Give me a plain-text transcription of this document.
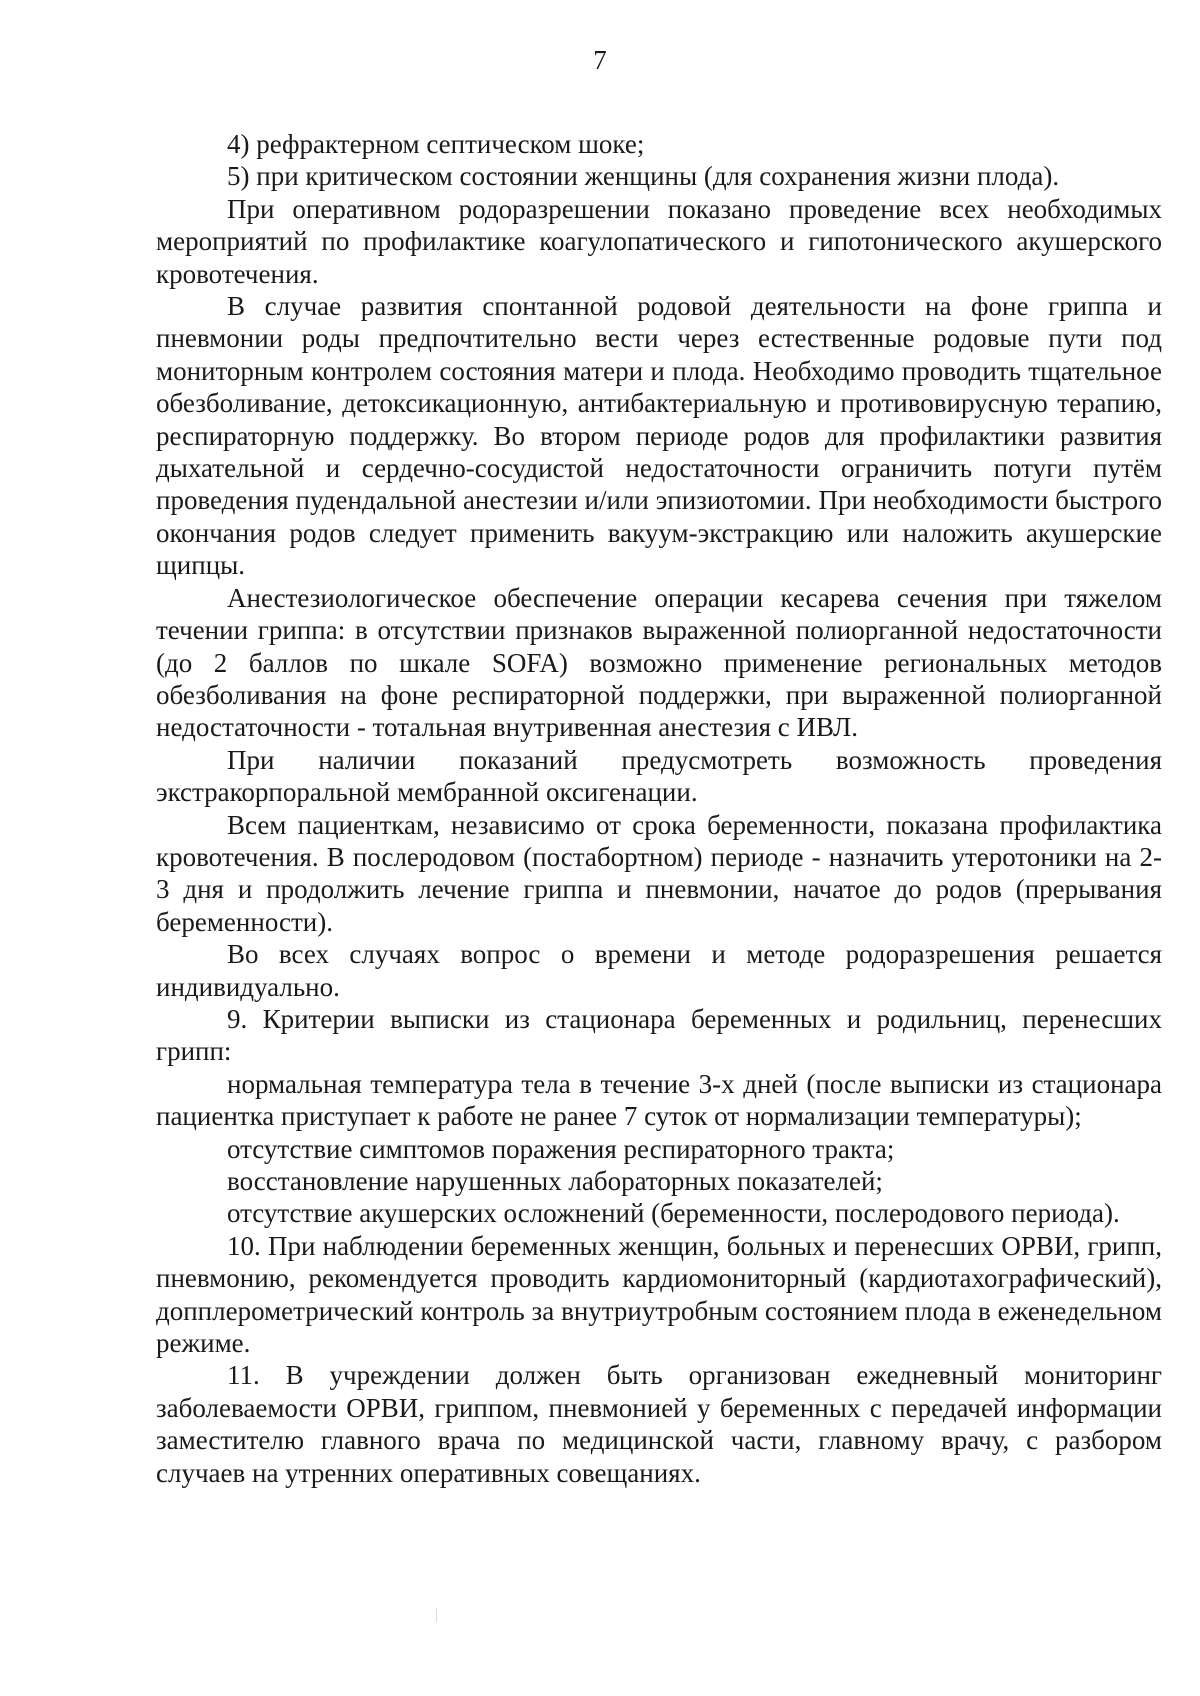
7

4) рефрактерном септическом шоке;

5) при критическом состоянии женщины (для сохранения жизни плода).

При оперативном родоразрешении показано проведение всех необходимых мероприятий по профилактике коагулопатического и гипотонического акушерского кровотечения.

В случае развития спонтанной родовой деятельности на фоне гриппа и пневмонии роды предпочтительно вести через естественные родовые пути под мониторным контролем состояния матери и плода. Необходимо проводить тщательное обезболивание, детоксикационную, антибактериальную и противовирусную терапию, респираторную поддержку. Во втором периоде родов для профилактики развития дыхательной и сердечно-сосудистой недостаточности ограничить потуги путём проведения пудендальной анестезии и/или эпизиотомии. При необходимости быстрого окончания родов следует применить вакуум-экстракцию или наложить акушерские щипцы.

Анестезиологическое обеспечение операции кесарева сечения при тяжелом течении гриппа: в отсутствии признаков выраженной полиорганной недостаточности (до 2 баллов по шкале SOFA) возможно применение региональных методов обезболивания на фоне респираторной поддержки, при выраженной полиорганной недостаточности - тотальная внутривенная анестезия с ИВЛ.

При наличии показаний предусмотреть возможность проведения экстракорпоральной мембранной оксигенации.

Всем пациенткам, независимо от срока беременности, показана профилактика кровотечения. В послеродовом (постабортном) периоде - назначить утеротоники на 2-3 дня и продолжить лечение гриппа и пневмонии, начатое до родов (прерывания беременности).

Во всех случаях вопрос о времени и методе родоразрешения решается индивидуально.

9. Критерии выписки из стационара беременных и родильниц, перенесших грипп:

нормальная температура тела в течение 3-х дней (после выписки из стационара пациентка приступает к работе не ранее 7 суток от нормализации температуры);

отсутствие симптомов поражения респираторного тракта;

восстановление нарушенных лабораторных показателей;

отсутствие акушерских осложнений (беременности, послеродового периода).

10. При наблюдении беременных женщин, больных и перенесших ОРВИ, грипп, пневмонию, рекомендуется проводить кардиомониторный (кардиотахографический), допплерометрический контроль за внутриутробным состоянием плода в еженедельном режиме.

11. В учреждении должен быть организован ежедневный мониторинг заболеваемости ОРВИ, гриппом, пневмонией у беременных с передачей информации заместителю главного врача по медицинской части, главному врачу, с разбором случаев на утренних оперативных совещаниях.
